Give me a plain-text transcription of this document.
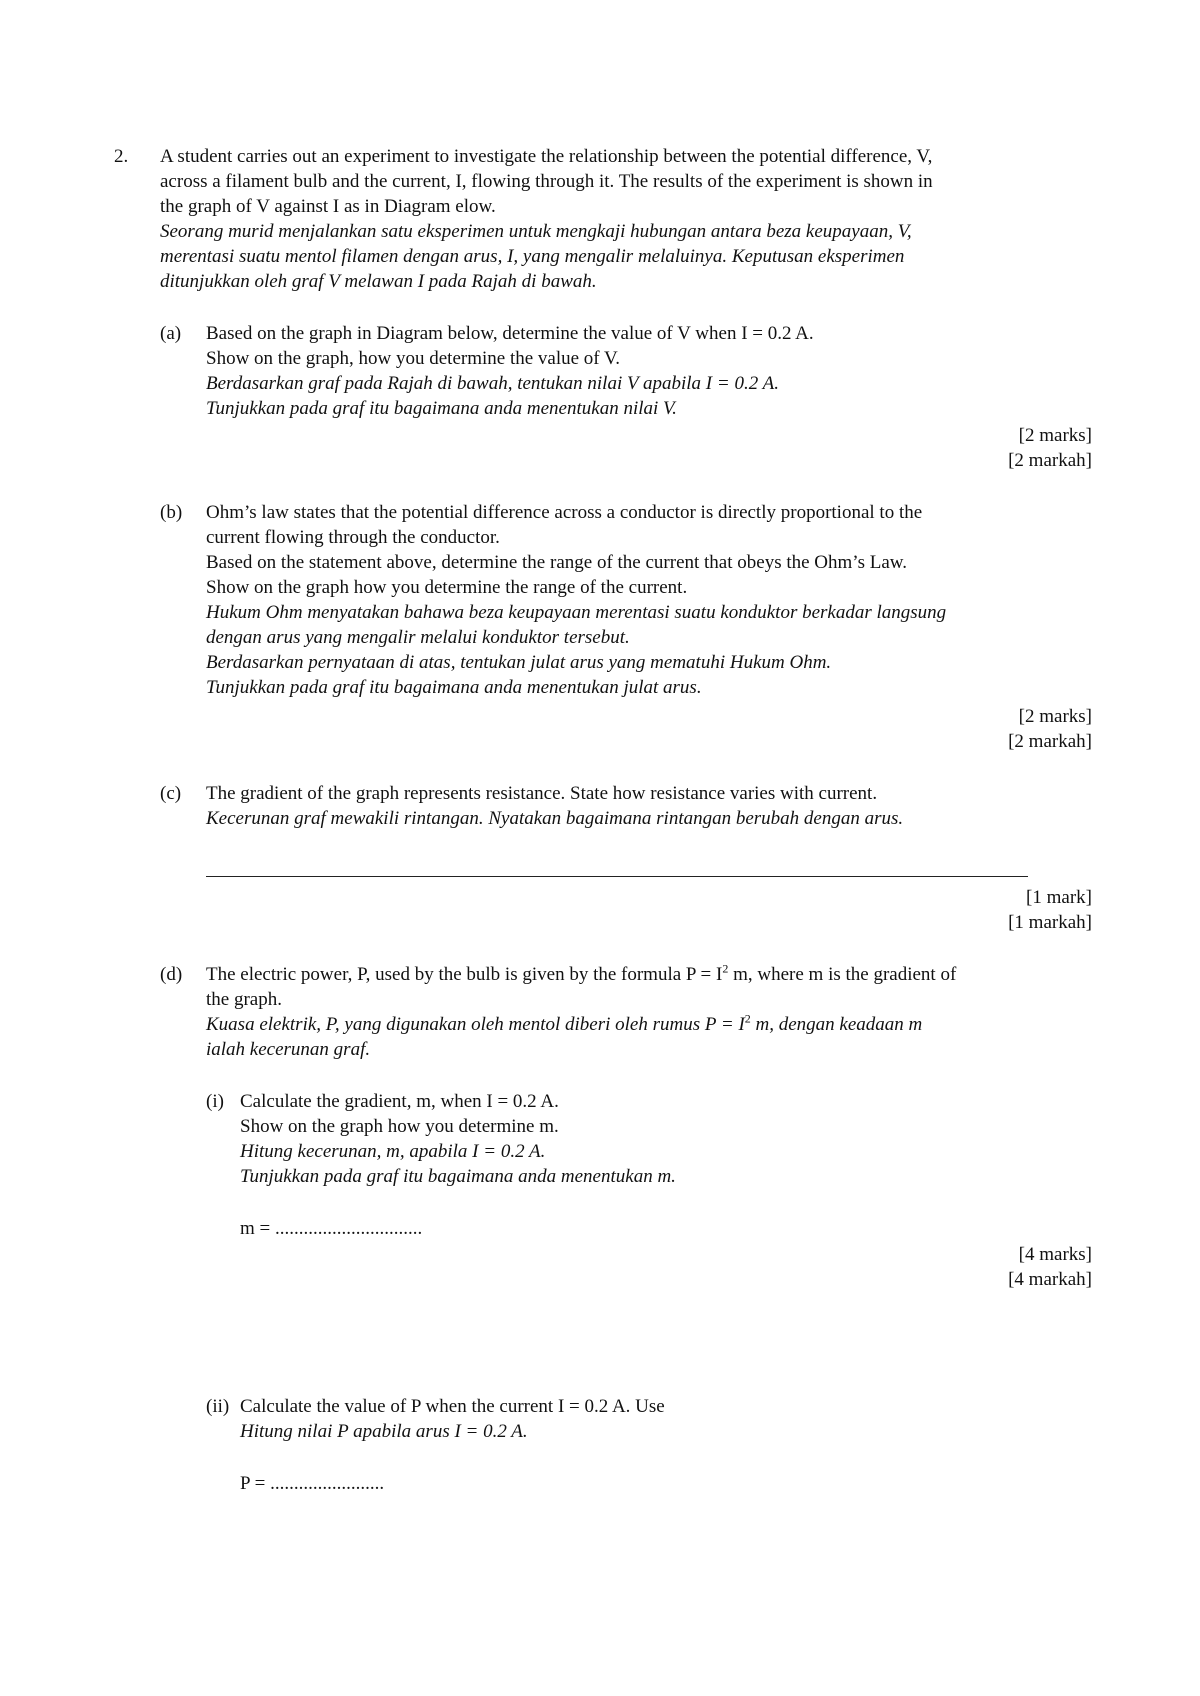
2. A student carries out an experiment to investigate the relationship between the potential difference, V,
across a filament bulb and the current, I, flowing through it. The results of the experiment is shown in
the graph of V against I as in Diagram elow.
Seorang murid menjalankan satu eksperimen untuk mengkaji hubungan antara beza keupayaan, V,
merentasi suatu mentol filamen dengan arus, I, yang mengalir melaluinya. Keputusan eksperimen
ditunjukkan oleh graf V melawan I pada Rajah di bawah.
(a) Based on the graph in Diagram below, determine the value of V when I = 0.2 A.
Show on the graph, how you determine the value of V.
Berdasarkan graf pada Rajah di bawah, tentukan nilai V apabila I = 0.2 A.
Tunjukkan pada graf itu bagaimana anda menentukan nilai V.
[2 marks]
[2 markah]
(b) Ohm’s law states that the potential difference across a conductor is directly proportional to the
current flowing through the conductor.
Based on the statement above, determine the range of the current that obeys the Ohm’s Law.
Show on the graph how you determine the range of the current.
Hukum Ohm menyatakan bahawa beza keupayaan merentasi suatu konduktor berkadar langsung
dengan arus yang mengalir melalui konduktor tersebut.
Berdasarkan pernyataan di atas, tentukan julat arus yang mematuhi Hukum Ohm.
Tunjukkan pada graf itu bagaimana anda menentukan julat arus.
[2 marks]
[2 markah]
(c) The gradient of the graph represents resistance. State how resistance varies with current.
Kecerunan graf mewakili rintangan. Nyatakan bagaimana rintangan berubah dengan arus.
[1 mark]
[1 markah]
(d) The electric power, P, used by the bulb is given by the formula $P = I^2$ m, where m is the gradient of
the graph.
Kuasa elektrik, P, yang digunakan oleh mentol diberi oleh rumus $P = I^2$ m, dengan keadaan m
ialah kecerunan graf.
(i) Calculate the gradient, m, when I = 0.2 A.
Show on the graph how you determine m.
Hitung kecerunan, m, apabila I = 0.2 A.
Tunjukkan pada graf itu bagaimana anda menentukan m.
m = ...............................
[4 marks]
[4 markah]
(ii) Calculate the value of P when the current I = 0.2 A. Use
Hitung nilai P apabila arus I = 0.2 A.
P = ........................
